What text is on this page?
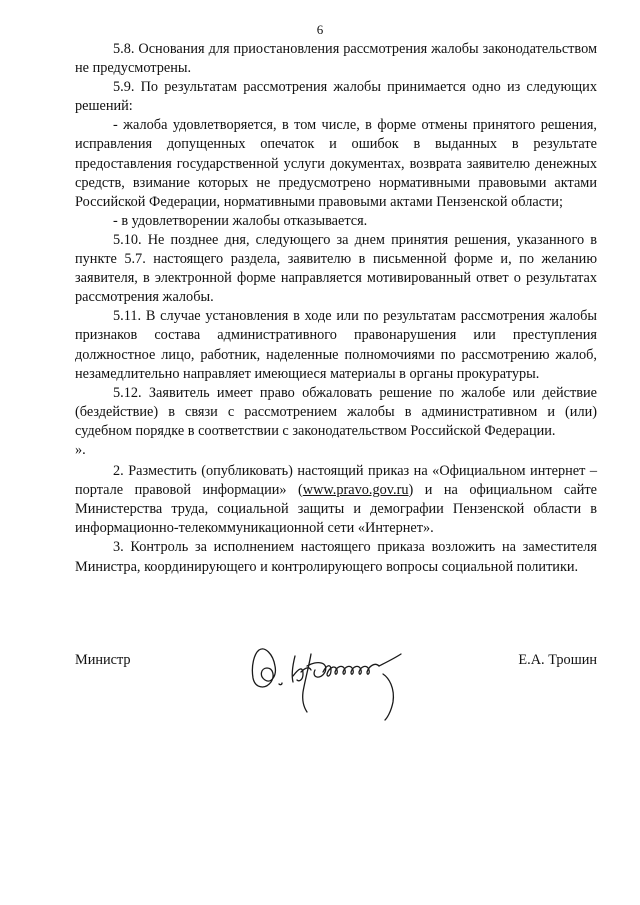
6

5.8. Основания для приостановления рассмотрения жалобы законодательством не предусмотрены.

5.9. По результатам рассмотрения жалобы принимается одно из следующих решений:

- жалоба удовлетворяется, в том числе, в форме отмены принятого решения, исправления допущенных опечаток и ошибок в выданных в результате предоставления государственной услуги документах, возврата заявителю денежных средств, взимание которых не предусмотрено нормативными правовыми актами Российской Федерации, нормативными правовыми актами Пензенской области;

- в удовлетворении жалобы отказывается.

5.10. Не позднее дня, следующего за днем принятия решения, указанного в пункте 5.7. настоящего раздела, заявителю в письменной форме и, по желанию заявителя, в электронной форме направляется мотивированный ответ о результатах рассмотрения жалобы.

5.11. В случае установления в ходе или по результатам рассмотрения жалобы признаков состава административного правонарушения или преступления должностное лицо, работник, наделенные полномочиями по рассмотрению жалоб, незамедлительно направляет имеющиеся материалы в органы прокуратуры.

5.12. Заявитель имеет право обжаловать решение по жалобе или действие (бездействие) в связи с рассмотрением жалобы в административном и (или) судебном порядке в соответствии с законодательством Российской Федерации.

».

2. Разместить (опубликовать) настоящий приказ на «Официальном интернет – портале правовой информации» (www.pravo.gov.ru) и на официальном сайте Министерства труда, социальной защиты и демографии Пензенской области в информационно-телекоммуникационной сети «Интернет».

3. Контроль за исполнением настоящего приказа возложить на заместителя Министра, координирующего и контролирующего вопросы социальной политики.

Министр	Е.А. Трошин
